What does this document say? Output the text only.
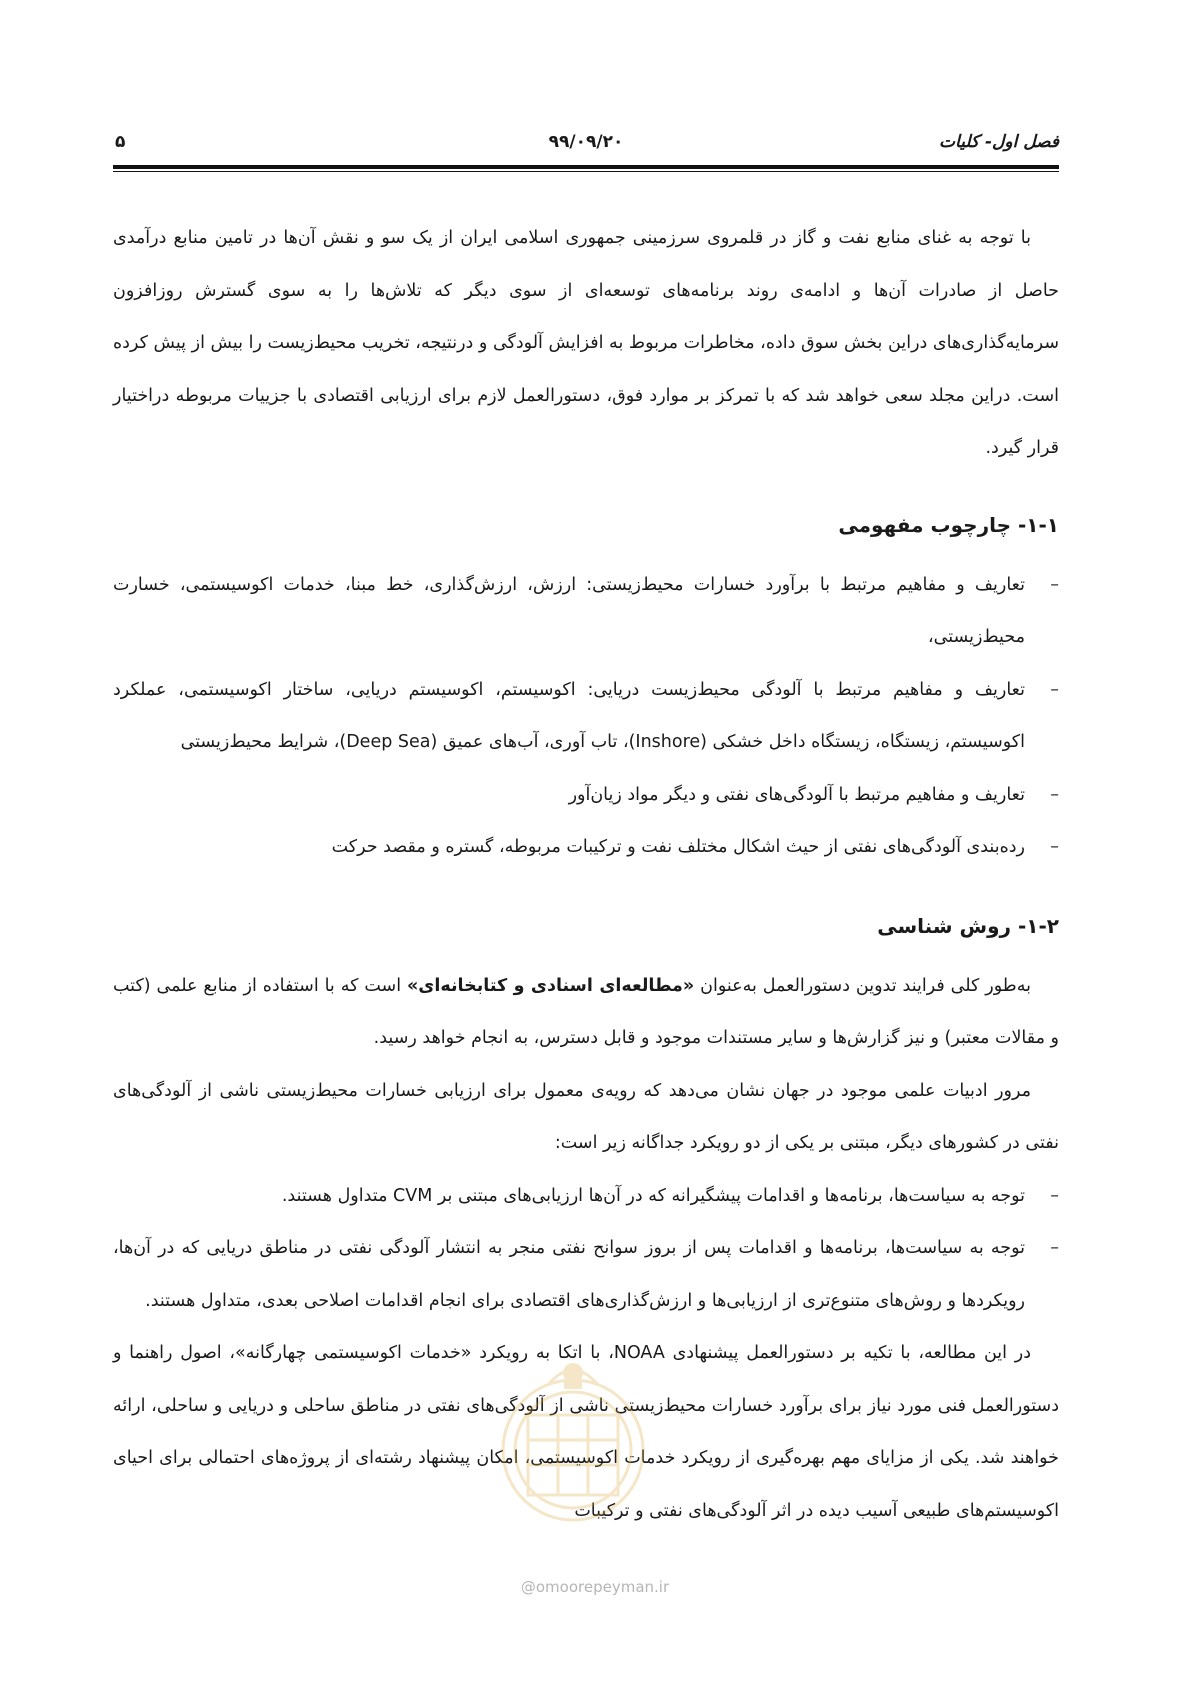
فصل اول- کلیات
۹۹/۰۹/۲۰
۵

با توجه به غنای منابع نفت و گاز در قلمروی سرزمینی جمهوری اسلامی ایران از یک سو و نقش آن‌ها در تامین منابع درآمدی حاصل از صادرات آن‌ها و ادامه‌ی روند برنامه‌های توسعه‌ای از سوی دیگر که تلاش‌ها را به سوی گسترش روزافزون سرمایه‌گذاری‌های دراین بخش سوق داده، مخاطرات مربوط به افزایش آلودگی و درنتیجه، تخریب محیط‌زیست را بیش از پیش کرده است. دراین مجلد سعی خواهد شد که با تمرکز بر موارد فوق، دستورالعمل لازم برای ارزیابی اقتصادی با جزییات مربوطه دراختیار قرار گیرد.

۱-۱- چارچوب مفهومی
– تعاریف و مفاهیم مرتبط با برآورد خسارات محیط‌زیستی: ارزش، ارزش‌گذاری، خط مبنا، خدمات اکوسیستمی، خسارت محیط‌زیستی،
– تعاریف و مفاهیم مرتبط با آلودگی محیط‌زیست دریایی: اکوسیستم، اکوسیستم دریایی، ساختار اکوسیستمی، عملکرد اکوسیستم، زیستگاه، زیستگاه داخل خشکی (Inshore)، تاب آوری، آب‌های عمیق (Deep Sea)، شرایط محیط‌زیستی
– تعاریف و مفاهیم مرتبط با آلودگی‌های نفتی و دیگر مواد زیان‌آور
– رده‌بندی آلودگی‌های نفتی از حیث اشکال مختلف نفت و ترکیبات مربوطه، گستره و مقصد حرکت
۱-۲- روش شناسی

به‌طور کلی فرایند تدوین دستورالعمل به‌عنوان «مطالعه‌ای اسنادی و کتابخانه‌ای» است که با استفاده از منابع علمی (کتب و مقالات معتبر) و نیز گزارش‌ها و سایر مستندات موجود و قابل دسترس، به انجام خواهد رسید.

مرور ادبیات علمی موجود در جهان نشان می‌دهد که رویه‌ی معمول برای ارزیابی خسارات محیط‌زیستی ناشی از آلودگی‌های نفتی در کشورهای دیگر، مبتنی بر یکی از دو رویکرد جداگانه زیر است:

– توجه به سیاست‌ها، برنامه‌ها و اقدامات پیشگیرانه که در آن‌ها ارزیابی‌های مبتنی بر CVM متداول هستند.
– توجه به سیاست‌ها، برنامه‌ها و اقدامات پس از بروز سوانح نفتی منجر به انتشار آلودگی نفتی در مناطق دریایی که در آن‌ها، رویکردها و روش‌های متنوع‌تری از ارزیابی‌ها و ارزش‌گذاری‌های اقتصادی برای انجام اقدامات اصلاحی بعدی، متداول هستند.

در این مطالعه، با تکیه بر دستورالعمل پیشنهادی NOAA، با اتکا به رویکرد «خدمات اکوسیستمی چهارگانه»، اصول راهنما و دستورالعمل فنی مورد نیاز برای برآورد خسارات محیط‌زیستی ناشی از آلودگی‌های نفتی در مناطق ساحلی و دریایی و ساحلی، ارائه خواهند شد. یکی از مزایای مهم بهره‌گیری از رویکرد خدمات اکوسیستمی، امکان پیشنهاد رشته‌ای از پروژه‌های احتمالی برای احیای اکوسیستم‌های طبیعی آسیب دیده در اثر آلودگی‌های نفتی و ترکیبات

@omoorepeyman.ir
